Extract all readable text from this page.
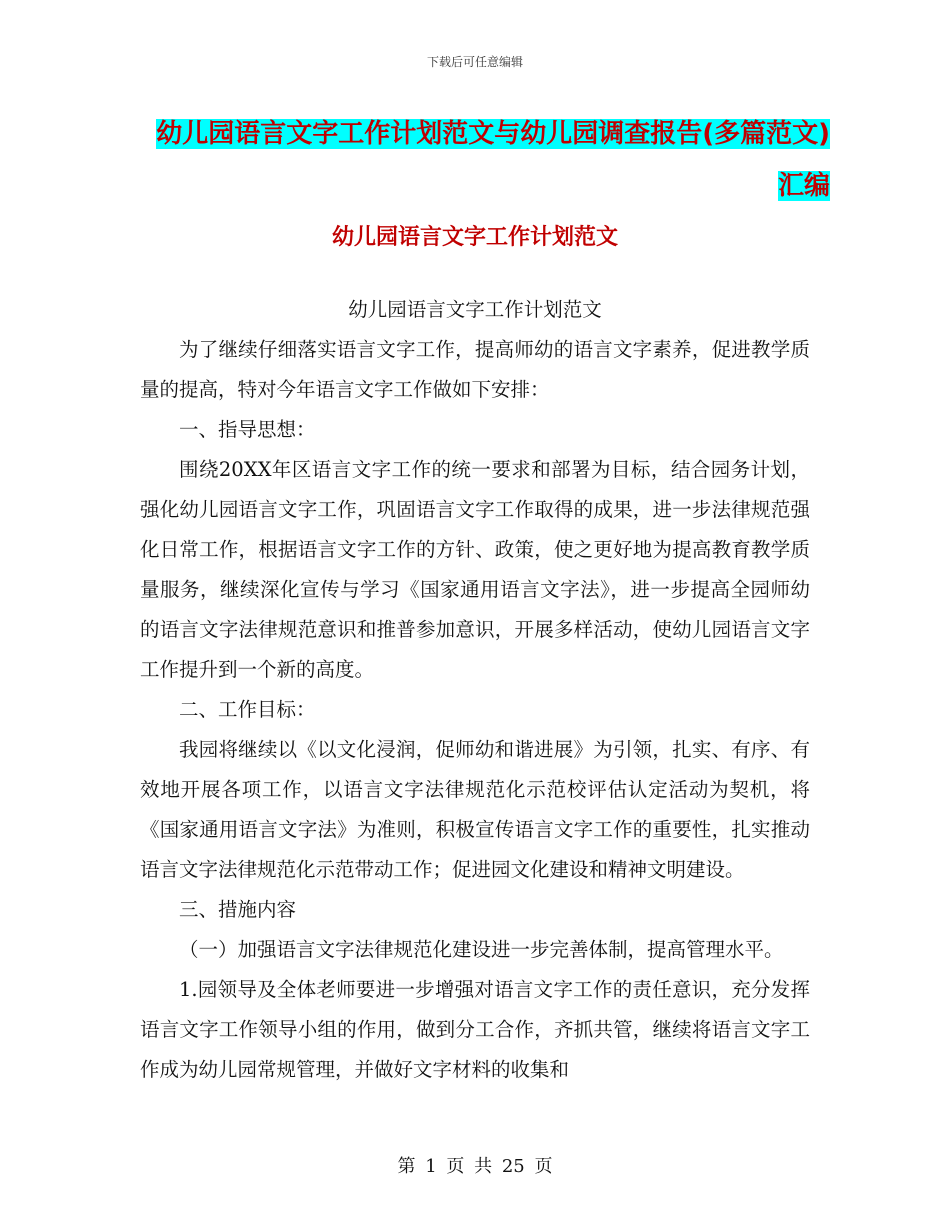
下载后可任意编辑
幼儿园语言文字工作计划范文与幼儿园调查报告(多篇范文)汇编
幼儿园语言文字工作计划范文

幼儿园语言文字工作计划范文

为了继续仔细落实语言文字工作，提高师幼的语言文字素养，促进教学质量的提高，特对今年语言文字工作做如下安排：

一、指导思想：

围绕20XX年区语言文字工作的统一要求和部署为目标，结合园务计划，强化幼儿园语言文字工作，巩固语言文字工作取得的成果，进一步法律规范强化日常工作，根据语言文字工作的方针、政策，使之更好地为提高教育教学质量服务，继续深化宣传与学习《国家通用语言文字法》，进一步提高全园师幼的语言文字法律规范意识和推普参加意识，开展多样活动，使幼儿园语言文字工作提升到一个新的高度。

二、工作目标：

我园将继续以《以文化浸润，促师幼和谐进展》为引领，扎实、有序、有效地开展各项工作，以语言文字法律规范化示范校评估认定活动为契机，将《国家通用语言文字法》为准则，积极宣传语言文字工作的重要性，扎实推动语言文字法律规范化示范带动工作；促进园文化建设和精神文明建设。

三、措施内容

（一）加强语言文字法律规范化建设进一步完善体制，提高管理水平。

1.园领导及全体老师要进一步增强对语言文字工作的责任意识，充分发挥语言文字工作领导小组的作用，做到分工合作，齐抓共管，继续将语言文字工作成为幼儿园常规管理，并做好文字材料的收集和

第 1 页 共 25 页
